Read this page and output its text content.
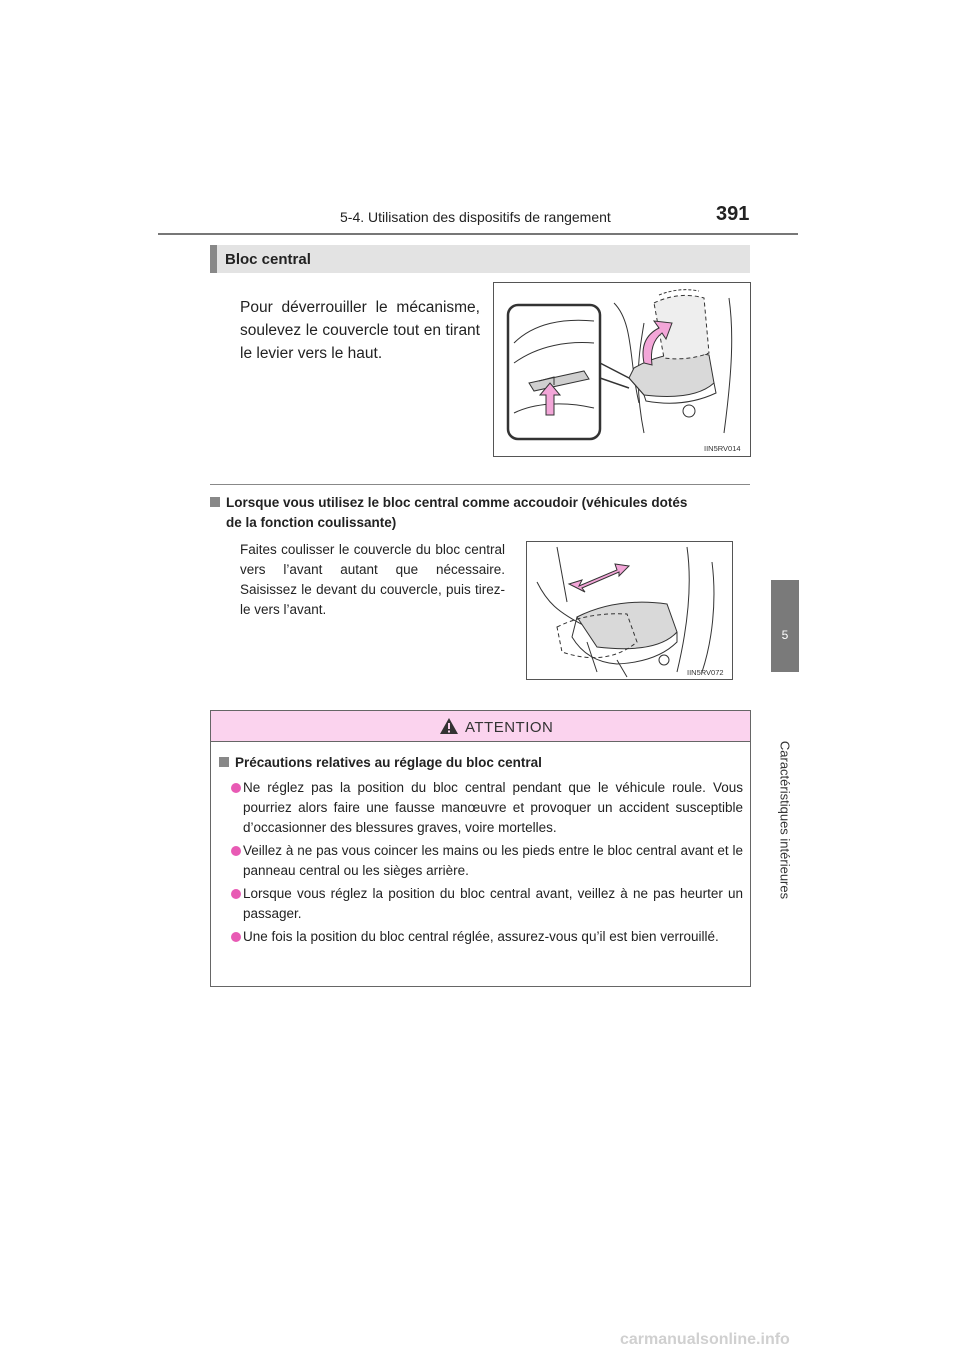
5-4. Utilisation des dispositifs de rangement	391
5
Caractéristiques intérieures
Bloc central
Pour déverrouiller le mécanisme, soulevez le couvercle tout en tirant le levier vers le haut.
IIN5RV014
Lorsque vous utilisez le bloc central comme accoudoir (véhicules dotés
de la fonction coulissante)
Faites coulisser le couvercle du bloc central vers l’avant autant que nécessaire. Saisissez le devant du couvercle, puis tirez-le vers l’avant.
IIN5RV072
ATTENTION
Précautions relatives au réglage du bloc central
Ne réglez pas la position du bloc central pendant que le véhicule roule. Vous pourriez alors faire une fausse manœuvre et provoquer un accident susceptible d’occasionner des blessures graves, voire mortelles.
Veillez à ne pas vous coincer les mains ou les pieds entre le bloc central avant et le panneau central ou les sièges arrière.
Lorsque vous réglez la position du bloc central avant, veillez à ne pas heurter un passager.
Une fois la position du bloc central réglée, assurez-vous qu’il est bien verrouillé.
carmanualsonline.info
